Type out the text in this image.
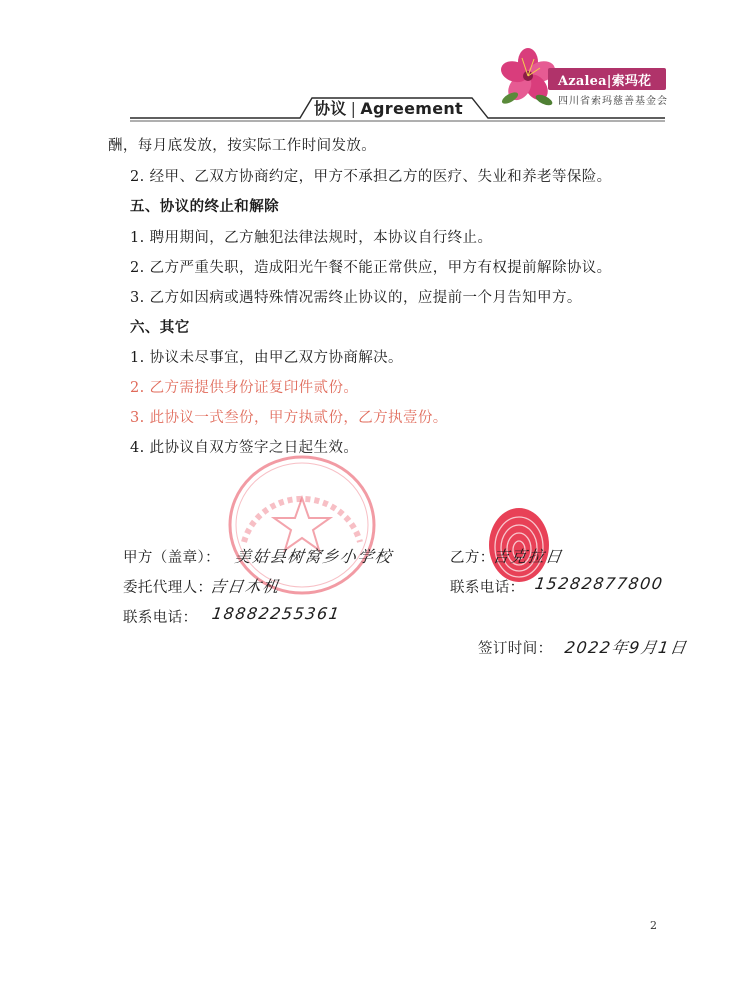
协议 | Agreement
Azalea|索玛花
四川省索玛慈善基金会
酬，每月底发放，按实际工作时间发放。
2. 经甲、乙双方协商约定，甲方不承担乙方的医疗、失业和养老等保险。
五、协议的终止和解除
1. 聘用期间，乙方触犯法律法规时，本协议自行终止。
2. 乙方严重失职，造成阳光午餐不能正常供应，甲方有权提前解除协议。
3. 乙方如因病或遇特殊情况需终止协议的，应提前一个月告知甲方。
六、其它
1. 协议未尽事宜，由甲乙双方协商解决。
2. 乙方需提供身份证复印件贰份。
3. 此协议一式叁份，甲方执贰份，乙方执壹份。
4. 此协议自双方签字之日起生效。
甲方（盖章）： 美姑县树窝乡小学校	乙方：
吉克拉日
委托代理人：
吉日木机	联系电话： 15282877800
联系电话： 18882255361
签订时间： 2022年9月1日
2
